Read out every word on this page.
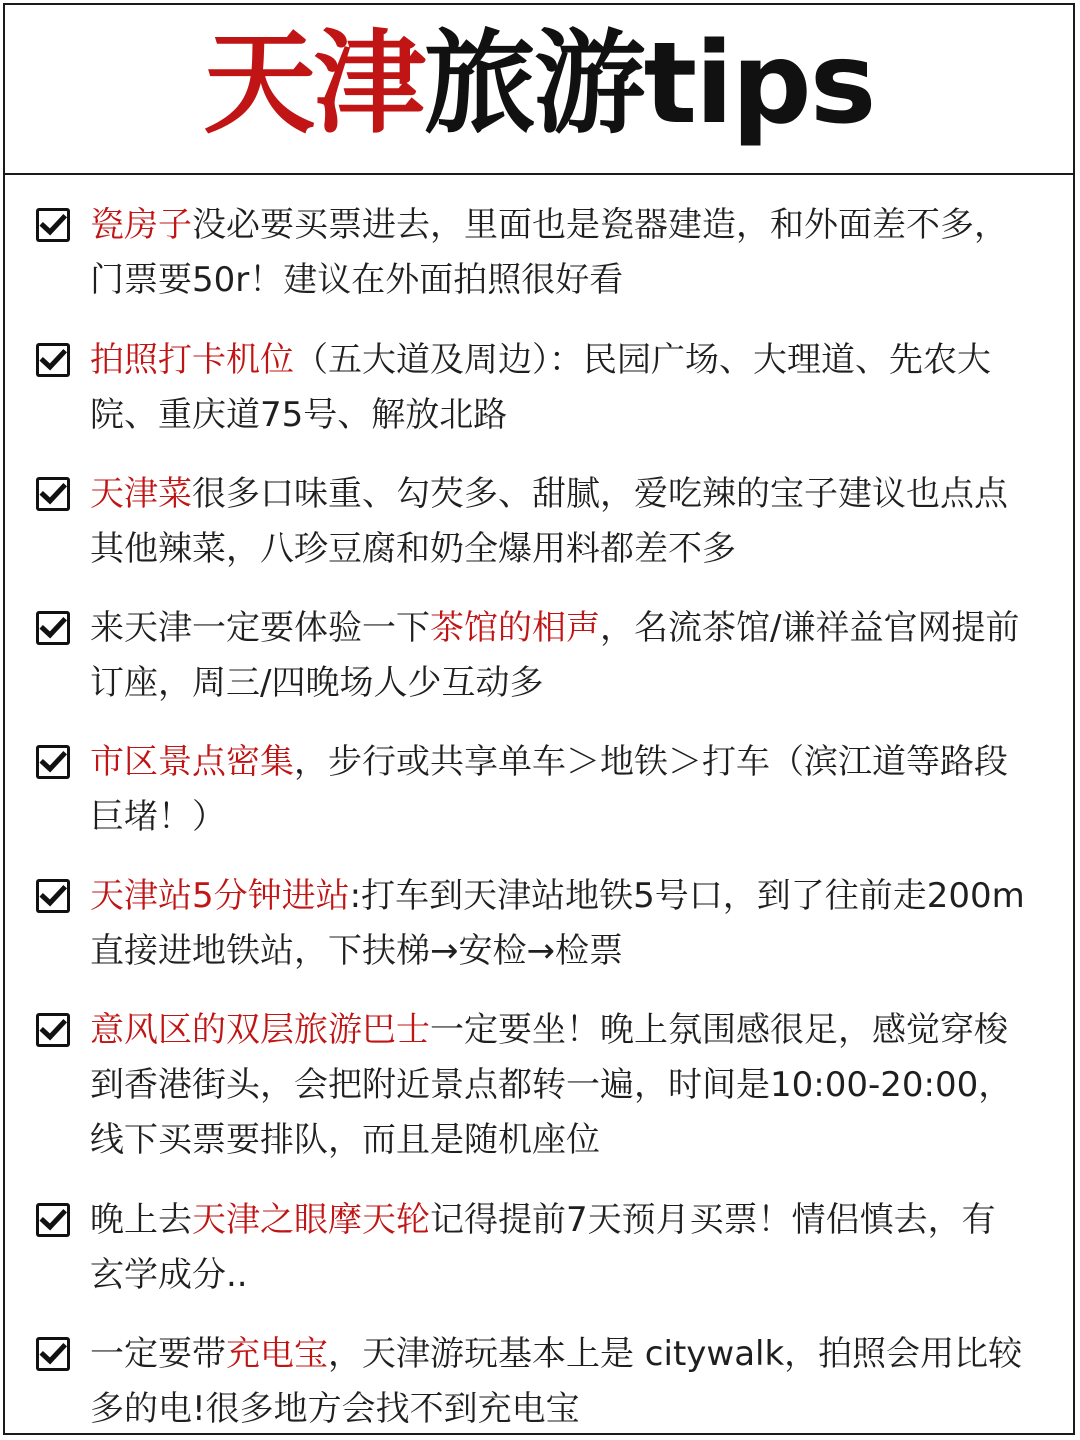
天津旅游tips
瓷房子没必要买票进去，里面也是瓷器建造，和外面差不多，门票要50r！建议在外面拍照很好看
拍照打卡机位（五大道及周边）：民园广场、大理道、先农大院、重庆道75号、解放北路
天津菜很多口味重、勾芡多、甜腻，爱吃辣的宝子建议也点点其他辣菜，八珍豆腐和奶全爆用料都差不多
来天津一定要体验一下茶馆的相声，名流茶馆/谦祥益官网提前订座，周三/四晚场人少互动多
市区景点密集，步行或共享单车＞地铁＞打车（滨江道等路段巨堵！）
天津站5分钟进站:打车到天津站地铁5号口，到了往前走200m直接进地铁站，下扶梯→安检→检票
意风区的双层旅游巴士一定要坐！晚上氛围感很足，感觉穿梭到香港街头，会把附近景点都转一遍，时间是10:00-20:00，线下买票要排队，而且是随机座位
晚上去天津之眼摩天轮记得提前7天预月买票！情侣慎去，有玄学成分..
一定要带充电宝，天津游玩基本上是 citywalk，拍照会用比较多的电!很多地方会找不到充电宝
